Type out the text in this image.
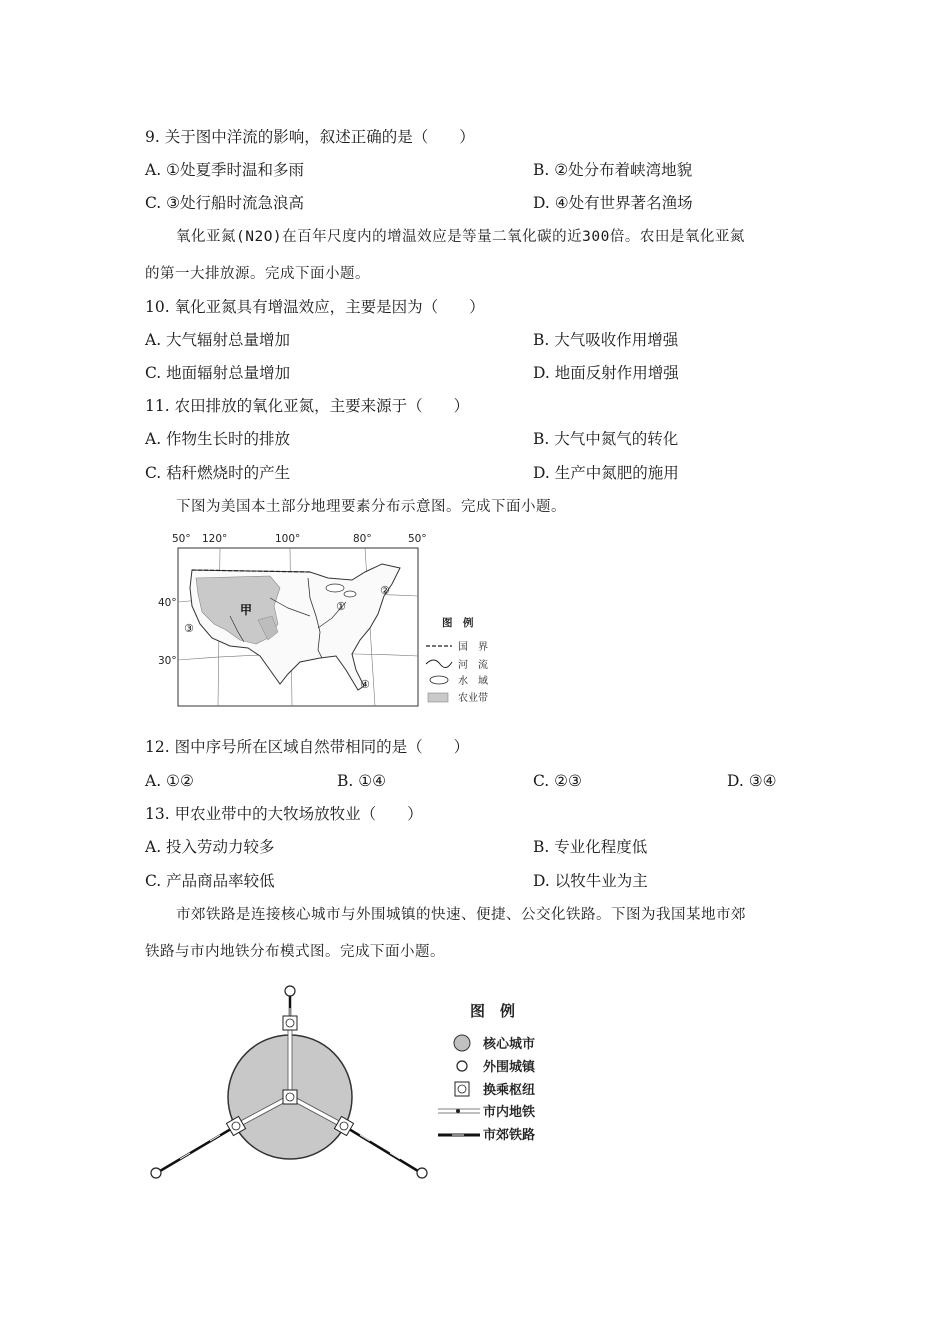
9. 关于图中洋流的影响，叙述正确的是（　　）
A. ①处夏季时温和多雨	B. ②处分布着峡湾地貌
C. ③处行船时流急浪高	D. ④处有世界著名渔场
氧化亚氮(N2O)在百年尺度内的增温效应是等量二氧化碳的近300倍。农田是氧化亚氮
的第一大排放源。完成下面小题。
10. 氧化亚氮具有增温效应，主要是因为（　　）
A. 大气辐射总量增加	B. 大气吸收作用增强
C. 地面辐射总量增加	D. 地面反射作用增强
11. 农田排放的氧化亚氮，主要来源于（　　）
A. 作物生长时的排放	B. 大气中氮气的转化
C. 秸秆燃烧时的产生	D. 生产中氮肥的施用
下图为美国本土部分地理要素分布示意图。完成下面小题。
50° 120°	100°	80°	50°
40°
30°
①
②
③
④
甲
图　例
国　界
河　流
水　域
农业带
12. 图中序号所在区域自然带相同的是（　　）
A. ①②	B. ①④	C. ②③	D. ③④
13. 甲农业带中的大牧场放牧业（　　）
A. 投入劳动力较多	B. 专业化程度低
C. 产品商品率较低	D. 以牧牛业为主
市郊铁路是连接核心城市与外围城镇的快速、便捷、公交化铁路。下图为我国某地市郊
铁路与市内地铁分布模式图。完成下面小题。
图　例
核心城市
外围城镇
换乘枢纽
市内地铁
市郊铁路
